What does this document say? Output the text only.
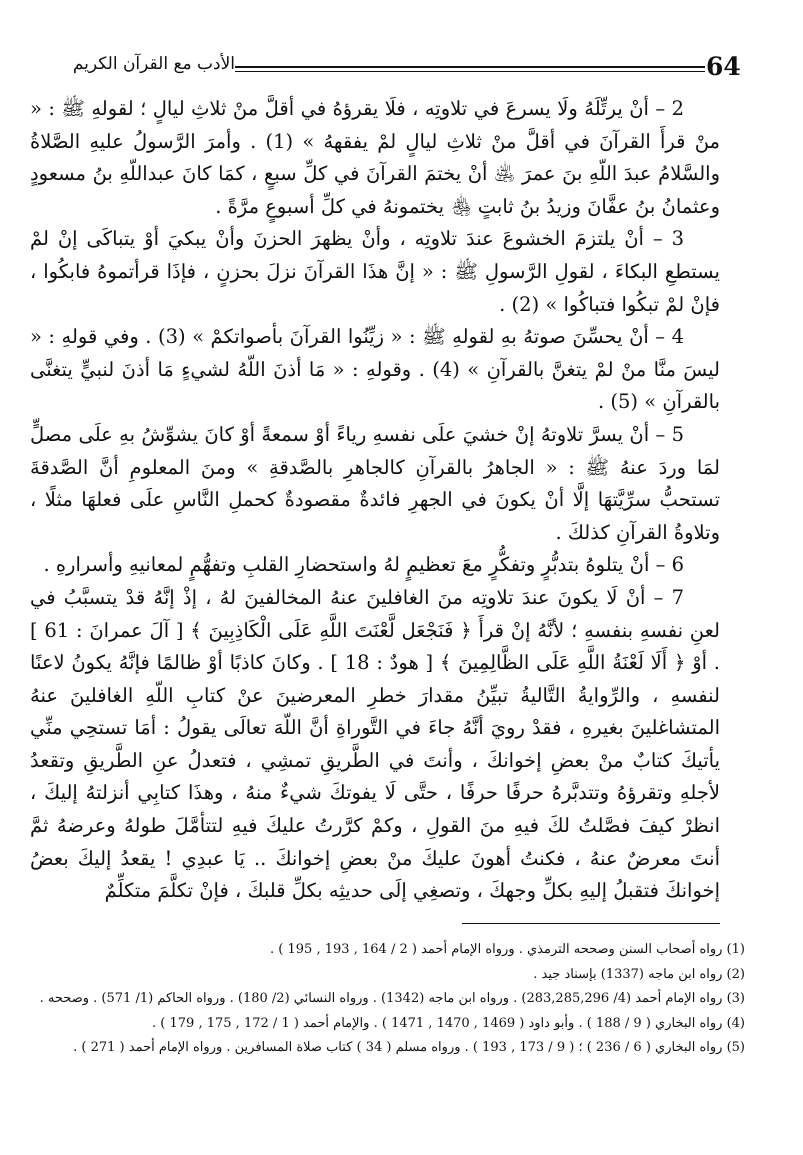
64
الأدب مع القرآن الكريم

2 – أنْ يرتِّلَهُ ولَا يسرعَ في تلاوتِه ، فلَا يقرؤهُ في أقلَّ منْ ثلاثِ ليالٍ ؛ لقولهِ ﷺ : « منْ قرأَ القرآنَ في أقلَّ منْ ثلاثِ ليالٍ لمْ يفقههُ » (1) . وأمرَ الرَّسولُ عليهِ الصَّلاةُ والسَّلامُ عبدَ اللّهِ بنَ عمرَ ﵁ أنْ يختمَ القرآنَ في كلِّ سبعٍ ، كمَا كانَ عبداللّهِ بنُ مسعودٍ وعثمانُ بنُ عفَّانَ وزيدُ بنُ ثابتٍ ﵃ يختمونهُ في كلِّ أسبوعٍ مرَّةً .

3 – أنْ يلتزمَ الخشوعَ عندَ تلاوتِه ، وأنْ يظهرَ الحزنَ وأنْ يبكيَ أوْ يتباكَى إنْ لمْ يستطعِ البكاءَ ، لقولِ الرَّسولِ ﷺ : « إنَّ هذَا القرآنَ نزلَ بحزنٍ ، فإذَا قرأتموهُ فابكُوا ، فإنْ لمْ تبكُوا فتباكُوا » (2) .

4 – أنْ يحسِّنَ صوتهُ بهِ لقولهِ ﷺ : « زيِّنُوا القرآنَ بأصواتكمْ » (3) . وفي قولهِ : « ليسَ منَّا منْ لمْ يتغنَّ بالقرآنِ » (4) . وقولهِ : « مَا أذنَ اللّهُ لشيءٍ مَا أذنَ لنبيٍّ يتغنَّى بالقرآنِ » (5) .

5 – أنْ يسرَّ تلاوتهُ إنْ خشيَ علَى نفسهِ رياءً أوْ سمعةً أوْ كانَ يشوِّشُ بهِ علَى مصلٍّ لمَا وردَ عنهُ ﷺ : « الجاهرُ بالقرآنِ كالجاهرِ بالصَّدقةِ » ومنَ المعلومِ أنَّ الصَّدقةَ تستحبُّ سرِّيَّتهَا إلَّا أنْ يكونَ في الجهرِ فائدةٌ مقصودةٌ كحملِ النَّاسِ علَى فعلهَا مثلًا ، وتلاوةُ القرآنِ كذلكَ .

6 – أنْ يتلوهُ بتدبُّرٍ وتفكُّرٍ معَ تعظيمٍ لهُ واستحضارِ القلبِ وتفهُّمٍ لمعانيهِ وأسرارهِ .

7 – أنْ لَا يكونَ عندَ تلاوتِه منَ الغافلينَ عنهُ المخالفينَ لهُ ، إذْ إنَّهُ قدْ يتسبَّبُ في لعنِ نفسهِ بنفسهِ ؛ لأنَّهُ إنْ قرأَ ﴿ فَنَجْعَل لَّعْنَتَ اللَّهِ عَلَى الْكَاذِبِينَ ﴾ [ آلَ عمرانَ : 61 ] . أوْ ﴿ أَلَا لَعْنَةُ اللَّهِ عَلَى الظَّالِمِينَ ﴾ [ هودٌ : 18 ] . وكانَ كاذبًا أوْ ظالمًا فإنَّهُ يكونُ لاعنًا لنفسهِ ، والرِّوايةُ التَّاليةُ تبيِّنُ مقدارَ خطرِ المعرضينَ عنْ كتابِ اللّهِ الغافلينَ عنهُ المتشاغلينَ بغيرهِ ، فقدْ رويَ أنَّهُ جاءَ في التَّوراةِ أنَّ اللّهَ تعالَى يقولُ : أمَا تستحِي منِّي يأتيكَ كتابٌ منْ بعضِ إخوانكَ ، وأنتَ في الطَّريقِ تمشِي ، فتعدلُ عنِ الطَّريقِ وتقعدُ لأجلهِ وتقرؤهُ وتتدبَّرهُ حرفًا حرفًا ، حتَّى لَا يفوتكَ شيءٌ منهُ ، وهذَا كتابِي أنزلتهُ إليكَ ، انظرْ كيفَ فصَّلتُ لكَ فيهِ منَ القولِ ، وكمْ كرَّرتُ عليكَ فيهِ لتتأمَّلَ طولهُ وعرضهُ ثمَّ أنتَ معرضٌ عنهُ ، فكنتُ أهونَ عليكَ منْ بعضِ إخوانكَ .. يَا عبدِي ! يقعدُ إليكَ بعضُ إخوانكَ فتقبلُ إليهِ بكلِّ وجهكَ ، وتصغِي إلَى حديثِه بكلِّ قلبكَ ، فإنْ تكلَّمَ متكلِّمٌ

(1) رواه أصحاب السنن وصححه الترمذي . ورواه الإمام أحمد ( 2 / 164 , 193 , 195 ) .

(2) رواه ابن ماجه (1337) بإسناد جيد .

(3) رواه الإمام أحمد (4/ 283,285,296) . ورواه ابن ماجه (1342) . ورواه النسائي (2/ 180) . ورواه الحاكم (1/ 571) . وصححه .

(4) رواه البخاري ( 9 / 188 ) . وأبو داود ( 1469 , 1470 , 1471 ) . والإمام أحمد ( 1 / 172 , 175 , 179 ) .

(5) رواه البخاري ( 6 / 236 ) ؛ ( 9 / 173 , 193 ) . ورواه مسلم ( 34 ) كتاب صلاة المسافرين . ورواه الإمام أحمد ( 271 ) .
